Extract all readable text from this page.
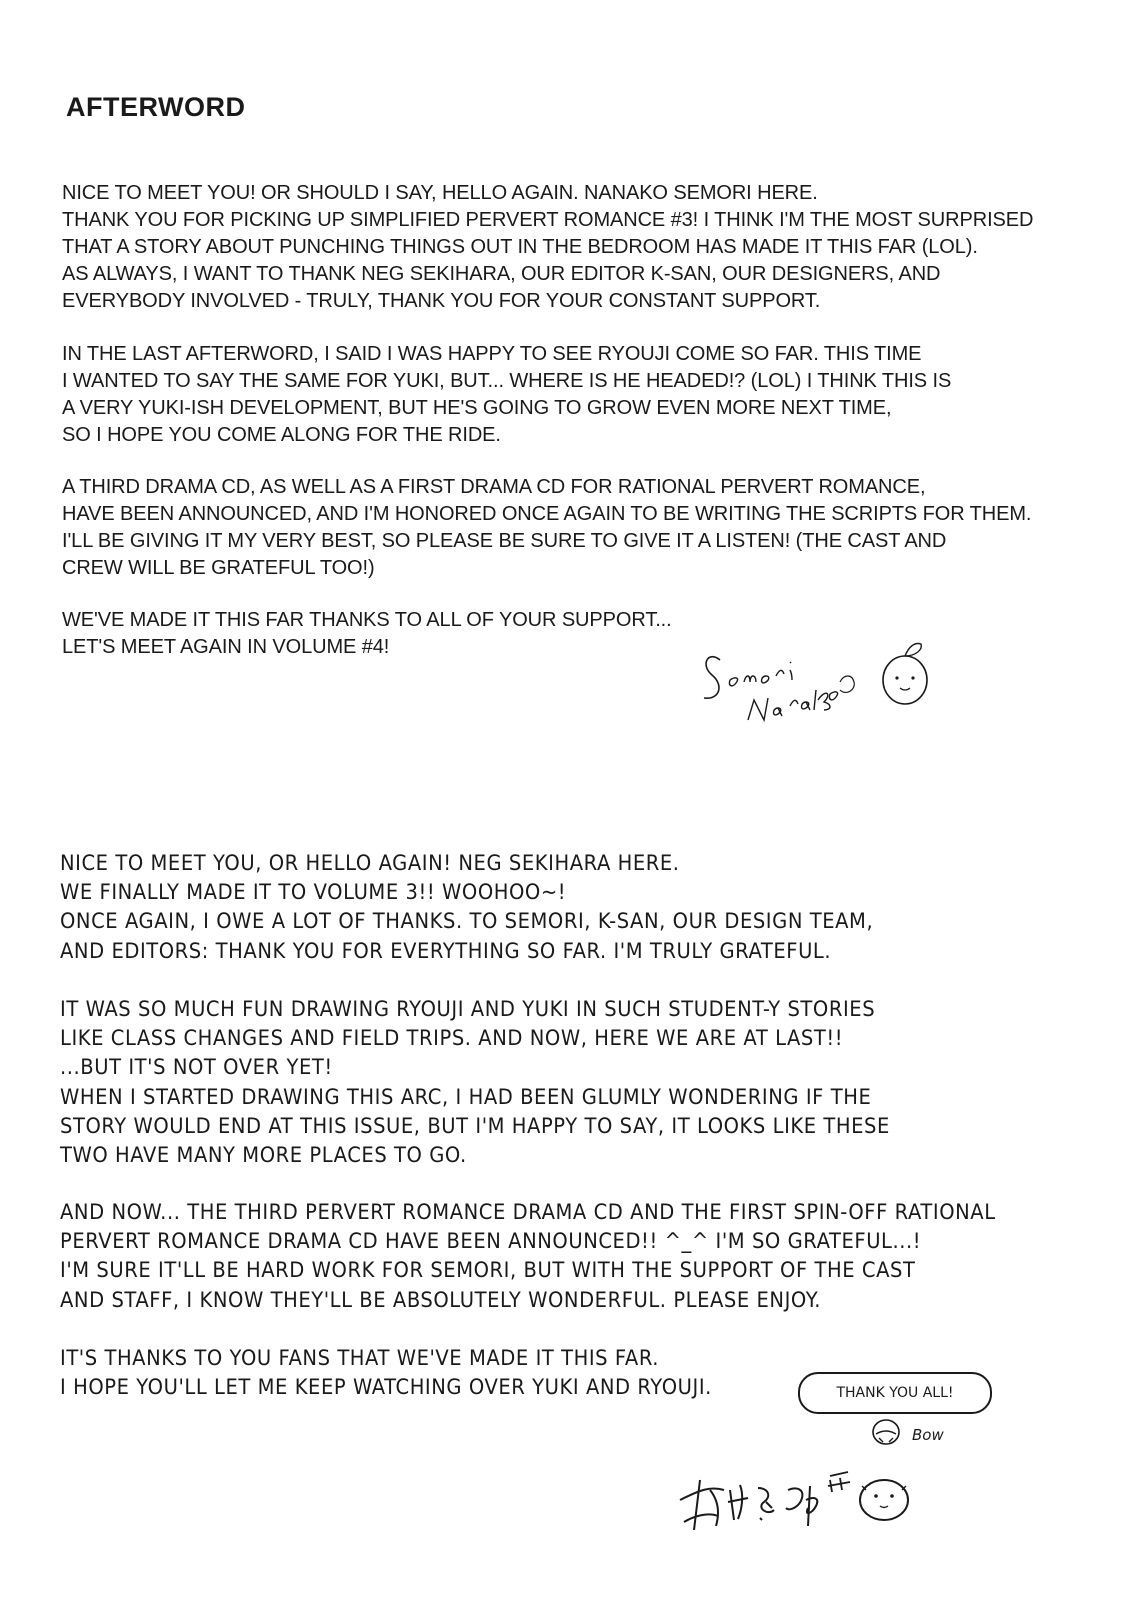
AFTERWORD

NICE TO MEET YOU! OR SHOULD I SAY, HELLO AGAIN. NANAKO SEMORI HERE.
THANK YOU FOR PICKING UP SIMPLIFIED PERVERT ROMANCE #3! I THINK I'M THE MOST SURPRISED
THAT A STORY ABOUT PUNCHING THINGS OUT IN THE BEDROOM HAS MADE IT THIS FAR (LOL).
AS ALWAYS, I WANT TO THANK NEG SEKIHARA, OUR EDITOR K-SAN, OUR DESIGNERS, AND
EVERYBODY INVOLVED - TRULY, THANK YOU FOR YOUR CONSTANT SUPPORT.

IN THE LAST AFTERWORD, I SAID I WAS HAPPY TO SEE RYOUJI COME SO FAR. THIS TIME
I WANTED TO SAY THE SAME FOR YUKI, BUT... WHERE IS HE HEADED!? (LOL) I THINK THIS IS
A VERY YUKI-ISH DEVELOPMENT, BUT HE'S GOING TO GROW EVEN MORE NEXT TIME,
SO I HOPE YOU COME ALONG FOR THE RIDE.

A THIRD DRAMA CD, AS WELL AS A FIRST DRAMA CD FOR RATIONAL PERVERT ROMANCE,
HAVE BEEN ANNOUNCED, AND I'M HONORED ONCE AGAIN TO BE WRITING THE SCRIPTS FOR THEM.
I'LL BE GIVING IT MY VERY BEST, SO PLEASE BE SURE TO GIVE IT A LISTEN! (THE CAST AND
CREW WILL BE GRATEFUL TOO!)

WE'VE MADE IT THIS FAR THANKS TO ALL OF YOUR SUPPORT...
LET'S MEET AGAIN IN VOLUME #4!

NICE TO MEET YOU, OR HELLO AGAIN! NEG SEKIHARA HERE.
WE FINALLY MADE IT TO VOLUME 3!! WOOHOO~!
ONCE AGAIN, I OWE A LOT OF THANKS. TO SEMORI, K-SAN, OUR DESIGN TEAM,
AND EDITORS: THANK YOU FOR EVERYTHING SO FAR. I'M TRULY GRATEFUL.

IT WAS SO MUCH FUN DRAWING RYOUJI AND YUKI IN SUCH STUDENT-Y STORIES
LIKE CLASS CHANGES AND FIELD TRIPS. AND NOW, HERE WE ARE AT LAST!!
...BUT IT'S NOT OVER YET!
WHEN I STARTED DRAWING THIS ARC, I HAD BEEN GLUMLY WONDERING IF THE
STORY WOULD END AT THIS ISSUE, BUT I'M HAPPY TO SAY, IT LOOKS LIKE THESE
TWO HAVE MANY MORE PLACES TO GO.

AND NOW... THE THIRD PERVERT ROMANCE DRAMA CD AND THE FIRST SPIN-OFF RATIONAL
PERVERT ROMANCE DRAMA CD HAVE BEEN ANNOUNCED!! ^_^ I'M SO GRATEFUL...!
I'M SURE IT'LL BE HARD WORK FOR SEMORI, BUT WITH THE SUPPORT OF THE CAST
AND STAFF, I KNOW THEY'LL BE ABSOLUTELY WONDERFUL. PLEASE ENJOY.

IT'S THANKS TO YOU FANS THAT WE'VE MADE IT THIS FAR.
I HOPE YOU'LL LET ME KEEP WATCHING OVER YUKI AND RYOUJI.	THANK YOU ALL!
Bow
